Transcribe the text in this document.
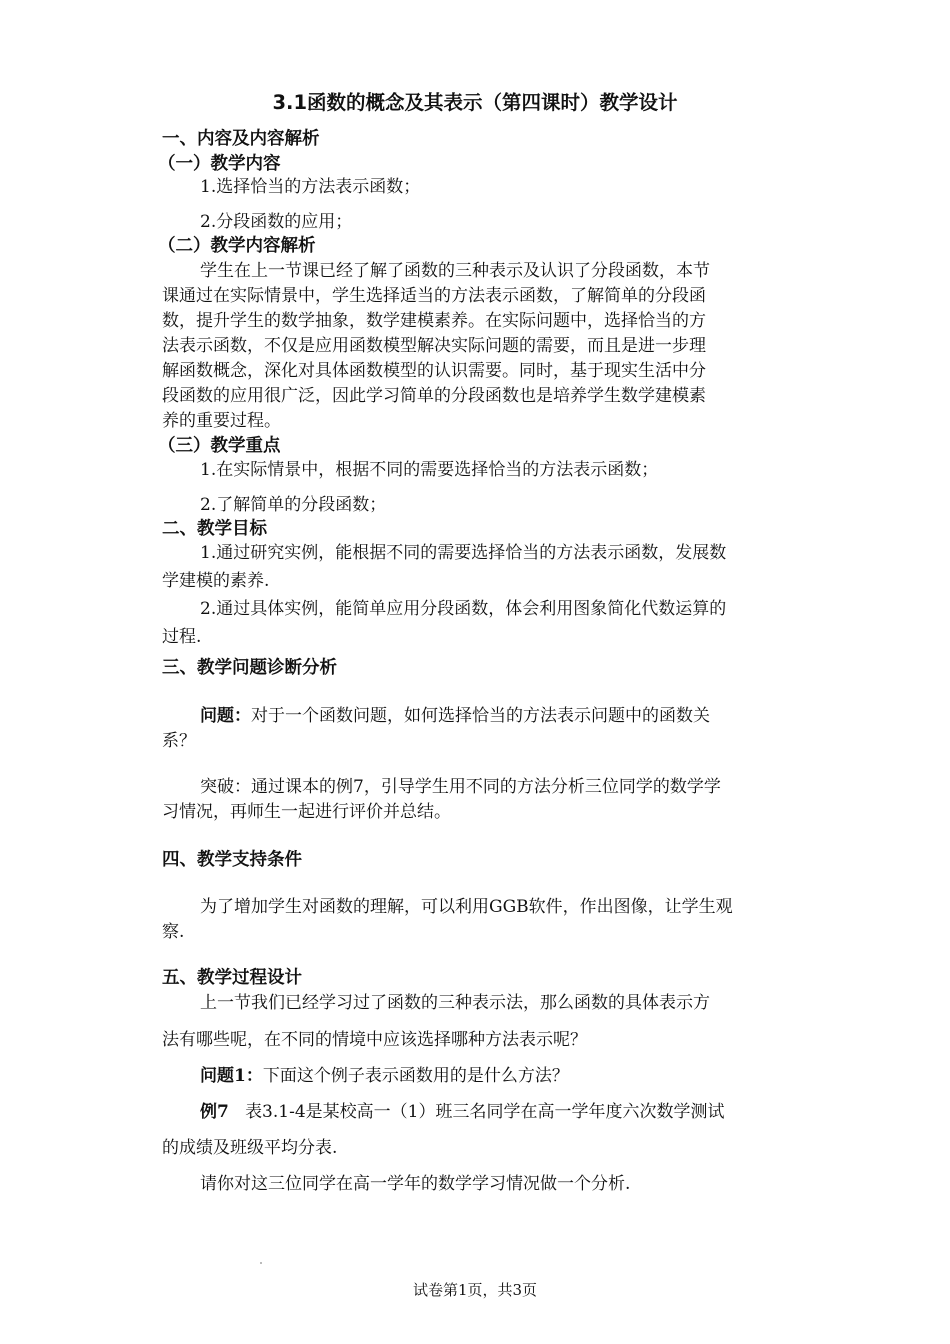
3.1函数的概念及其表示（第四课时）教学设计

一、内容及内容解析

（一）教学内容

1.选择恰当的方法表示函数；

2.分段函数的应用；

（二）教学内容解析

学生在上一节课已经了解了函数的三种表示及认识了分段函数，本节

课通过在实际情景中，学生选择适当的方法表示函数，了解简单的分段函

数，提升学生的数学抽象，数学建模素养。在实际问题中，选择恰当的方

法表示函数，不仅是应用函数模型解决实际问题的需要，而且是进一步理

解函数概念，深化对具体函数模型的认识需要。同时，基于现实生活中分

段函数的应用很广泛，因此学习简单的分段函数也是培养学生数学建模素

养的重要过程。

（三）教学重点

1.在实际情景中，根据不同的需要选择恰当的方法表示函数；

2.了解简单的分段函数；

二、教学目标

1.通过研究实例，能根据不同的需要选择恰当的方法表示函数，发展数

学建模的素养.

2.通过具体实例，能简单应用分段函数，体会利用图象简化代数运算的

过程.

三、教学问题诊断分析

问题：对于一个函数问题，如何选择恰当的方法表示问题中的函数关

系？

突破：通过课本的例7，引导学生用不同的方法分析三位同学的数学学

习情况，再师生一起进行评价并总结。

四、教学支持条件

为了增加学生对函数的理解，可以利用GGB软件，作出图像，让学生观

察.

五、教学过程设计

上一节我们已经学习过了函数的三种表示法，那么函数的具体表示方

法有哪些呢，在不同的情境中应该选择哪种方法表示呢？

问题1：下面这个例子表示函数用的是什么方法？

例7 表3.1-4是某校高一（1）班三名同学在高一学年度六次数学测试

的成绩及班级平均分表.

请你对这三位同学在高一学年的数学学习情况做一个分析.

试卷第1页，共3页
